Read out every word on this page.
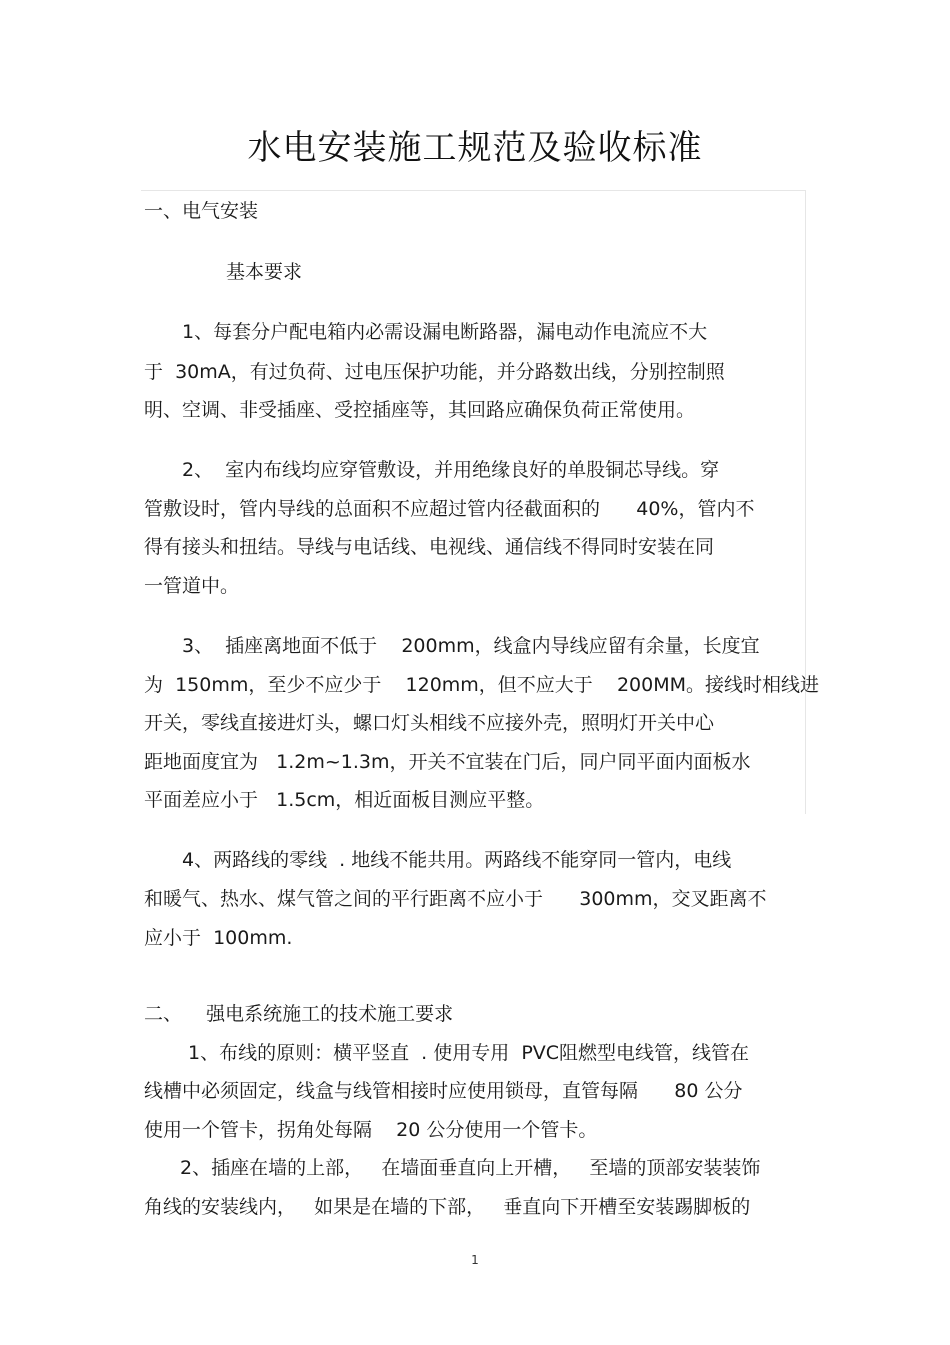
水电安装施工规范及验收标准
一、电气安装
基本要求
1、每套分户配电箱内必需设漏电断路器，漏电动作电流应不大
于  30mA，有过负荷、过电压保护功能，并分路数出线，分别控制照
明、空调、非受插座、受控插座等，其回路应确保负荷正常使用。
2、  室内布线均应穿管敷设，并用绝缘良好的单股铜芯导线。穿
管敷设时，管内导线的总面积不应超过管内径截面积的      40%，管内不
得有接头和扭结。导线与电话线、电视线、通信线不得同时安装在同
一管道中。
3、  插座离地面不低于    200mm，线盒内导线应留有余量，长度宜
为  150mm，至少不应少于    120mm，但不应大于    200MM。接线时相线进
开关，零线直接进灯头，螺口灯头相线不应接外壳，照明灯开关中心
距地面度宜为   1.2m~1.3m，开关不宜装在门后，同户同平面内面板水
平面差应小于   1.5cm，相近面板目测应平整。
4、两路线的零线  . 地线不能共用。两路线不能穿同一管内，电线
和暖气、热水、煤气管之间的平行距离不应小于      300mm，交叉距离不
应小于  100mm.
二、    强电系统施工的技术施工要求
1、布线的原则：横平竖直  . 使用专用  PVC阻燃型电线管，线管在
线槽中必须固定，线盒与线管相接时应使用锁母，直管每隔      80 公分
使用一个管卡，拐角处每隔    20 公分使用一个管卡。
2、插座在墙的上部，   在墙面垂直向上开槽，   至墙的顶部安装装饰
角线的安装线内，   如果是在墙的下部，   垂直向下开槽至安装踢脚板的
1
